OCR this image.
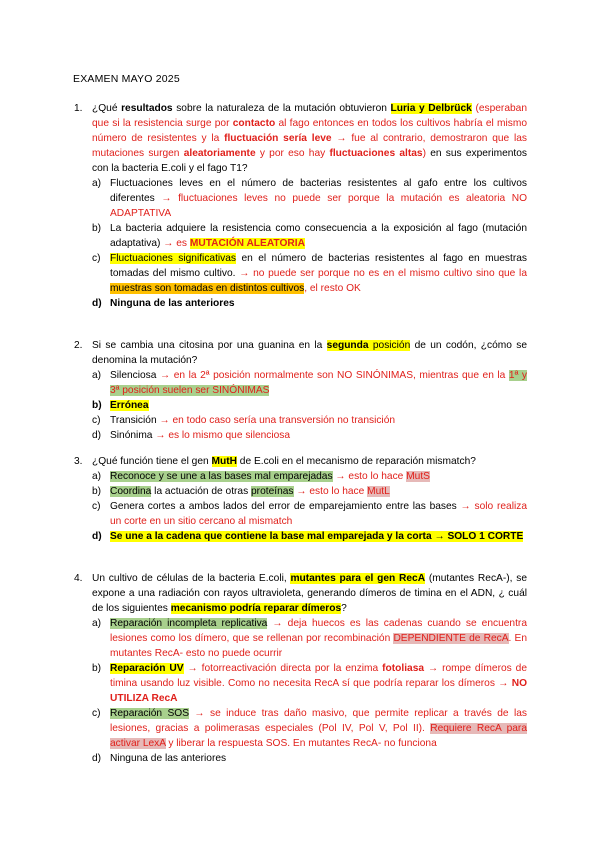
EXAMEN MAYO 2025
1. ¿Qué resultados sobre la naturaleza de la mutación obtuvieron Luria y Delbrück (esperaban que si la resistencia surge por contacto al fago entonces en todos los cultivos habría el mismo número de resistentes y la fluctuación sería leve → fue al contrario, demostraron que las mutaciones surgen aleatoriamente y por eso hay fluctuaciones altas) en sus experimentos con la bacteria E.coli y el fago T1?

a) Fluctuaciones leves en el número de bacterias resistentes al gafo entre los cultivos diferentes → fluctuaciones leves no puede ser porque la mutación es aleatoria NO ADAPTATIVA
b) La bacteria adquiere la resistencia como consecuencia a la exposición al fago (mutación adaptativa) → es MUTACIÓN ALEATORIA
c) Fluctuaciones significativas en el número de bacterias resistentes al fago en muestras tomadas del mismo cultivo. → no puede ser porque no es en el mismo cultivo sino que la muestras son tomadas en distintos cultivos, el resto OK
d) Ninguna de las anteriores
2. Si se cambia una citosina por una guanina en la segunda posición de un codón, ¿cómo se denomina la mutación?

a) Silenciosa → en la 2ª posición normalmente son NO SINÓNIMAS, mientras que en la 1ª y 3ª posición suelen ser SINÓNIMAS
b) Errónea
c) Transición → en todo caso sería una transversión no transición
d) Sinónima → es lo mismo que silenciosa
3. ¿Qué función tiene el gen MutH de E.coli en el mecanismo de reparación mismatch?

a) Reconoce y se une a las bases mal emparejadas → esto lo hace MutS
b) Coordina la actuación de otras proteínas → esto lo hace MutL
c) Genera cortes a ambos lados del error de emparejamiento entre las bases → solo realiza un corte en un sitio cercano al mismatch
d) Se une a la cadena que contiene la base mal emparejada y la corta → SOLO 1 CORTE
4. Un cultivo de células de la bacteria E.coli, mutantes para el gen RecA (mutantes RecA-), se expone a una radiación con rayos ultravioleta, generando dímeros de timina en el ADN, ¿ cuál de los siguientes mecanismo podría reparar dímeros?

a) Reparación incompleta replicativa → deja huecos es las cadenas cuando se encuentra lesiones como los dímero, que se rellenan por recombinación DEPENDIENTE de RecA. En mutantes RecA- esto no puede ocurrir
b) Reparación UV → fotorreactivación directa por la enzima fotoliasa → rompe dímeros de timina usando luz visible. Como no necesita RecA sí que podría reparar los dímeros → NO UTILIZA RecA
c) Reparación SOS → se induce tras daño masivo, que permite replicar a través de las lesiones, gracias a polimerasas especiales (Pol IV, Pol V, Pol II). Requiere RecA para activar LexA y liberar la respuesta SOS. En mutantes RecA- no funciona
d) Ninguna de las anteriores
